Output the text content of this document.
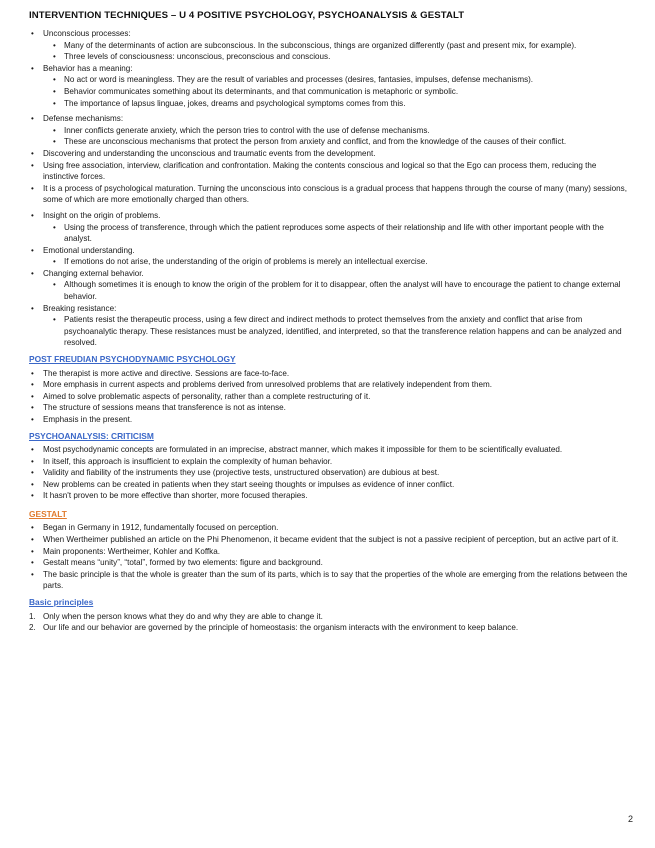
INTERVENTION TECHNIQUES – U 4 POSITIVE PSYCHOLOGY, PSYCHOANALYSIS & GESTALT
• Unconscious processes:
• Many of the determinants of action are subconscious. In the subconscious, things are organized differently (past and present mix, for example).
• Three levels of consciousness: unconscious, preconscious and conscious.
• Behavior has a meaning:
• No act or word is meaningless. They are the result of variables and processes (desires, fantasies, impulses, defense mechanisms).
• Behavior communicates something about its determinants, and that communication is metaphoric or symbolic.
• The importance of lapsus linguae, jokes, dreams and psychological symptoms comes from this.
• Defense mechanisms:
• Inner conflicts generate anxiety, which the person tries to control with the use of defense mechanisms.
• These are unconscious mechanisms that protect the person from anxiety and conflict, and from the knowledge of the causes of their conflict.
• Discovering and understanding the unconscious and traumatic events from the development.
• Using free association, interview, clarification and confrontation. Making the contents conscious and logical so that the Ego can process them, reducing the instinctive forces.
• It is a process of psychological maturation. Turning the unconscious into conscious is a gradual process that happens through the course of many (many) sessions, some of which are more emotionally charged than others.
• Insight on the origin of problems.
• Using the process of transference, through which the patient reproduces some aspects of their relationship and life with other important people with the analyst.
• Emotional understanding.
• If emotions do not arise, the understanding of the origin of problems is merely an intellectual exercise.
• Changing external behavior.
• Although sometimes it is enough to know the origin of the problem for it to disappear, often the analyst will have to encourage the patient to change external behavior.
• Breaking resistance:
• Patients resist the therapeutic process, using a few direct and indirect methods to protect themselves from the anxiety and conflict that arise from psychoanalytic therapy. These resistances must be analyzed, identified, and interpreted, so that the transference relation happens and can be analyzed and resolved.
POST FREUDIAN PSYCHODYNAMIC PSYCHOLOGY
• The therapist is more active and directive. Sessions are face-to-face.
• More emphasis in current aspects and problems derived from unresolved problems that are relatively independent from them.
• Aimed to solve problematic aspects of personality, rather than a complete restructuring of it.
• The structure of sessions means that transference is not as intense.
• Emphasis in the present.
PSYCHOANALYSIS: CRITICISM
• Most psychodynamic concepts are formulated in an imprecise, abstract manner, which makes it impossible for them to be scientifically evaluated.
• In itself, this approach is insufficient to explain the complexity of human behavior.
• Validity and fiability of the instruments they use (projective tests, unstructured observation) are dubious at best.
• New problems can be created in patients when they start seeing thoughts or impulses as evidence of inner conflict.
• It hasn't proven to be more effective than shorter, more focused therapies.
GESTALT
• Began in Germany in 1912, fundamentally focused on perception.
• When Wertheimer published an article on the Phi Phenomenon, it became evident that the subject is not a passive recipient of perception, but an active part of it.
• Main proponents: Wertheimer, Kohler and Koffka.
• Gestalt means “unity”, “total”, formed by two elements: figure and background.
• The basic principle is that the whole is greater than the sum of its parts, which is to say that the properties of the whole are emerging from the relations between the parts.
Basic principles
1. Only when the person knows what they do and why they are able to change it.
2. Our life and our behavior are governed by the principle of homeostasis: the organism interacts with the environment to keep balance.
2
